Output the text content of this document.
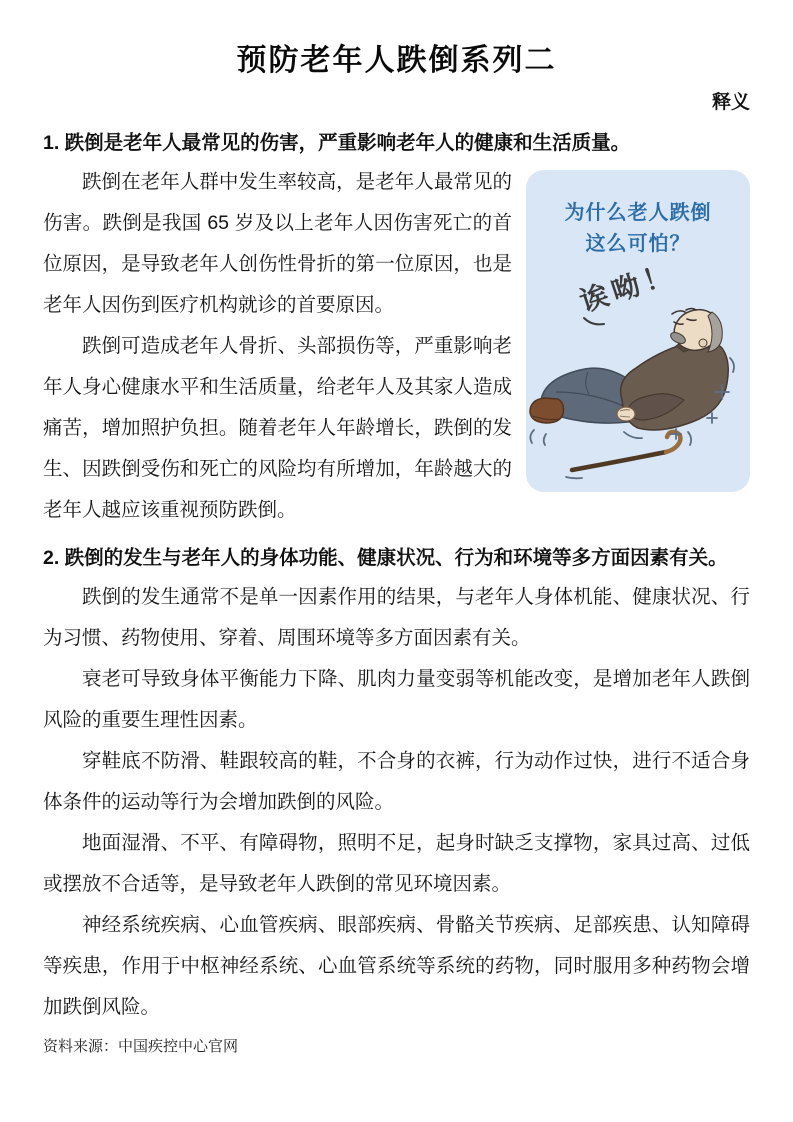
预防老年人跌倒系列二
释义
1. 跌倒是老年人最常见的伤害，严重影响老年人的健康和生活质量。
为什么老人跌倒
这么可怕？
诶呦！

跌倒在老年人群中发生率较高，是老年人最常见的伤害。跌倒是我国 65 岁及以上老年人因伤害死亡的首位原因，是导致老年人创伤性骨折的第一位原因，也是老年人因伤到医疗机构就诊的首要原因。

跌倒可造成老年人骨折、头部损伤等，严重影响老年人身心健康水平和生活质量，给老年人及其家人造成痛苦，增加照护负担。随着老年人年龄增长，跌倒的发生、因跌倒受伤和死亡的风险均有所增加，年龄越大的老年人越应该重视预防跌倒。

2. 跌倒的发生与老年人的身体功能、健康状况、行为和环境等多方面因素有关。

跌倒的发生通常不是单一因素作用的结果，与老年人身体机能、健康状况、行为习惯、药物使用、穿着、周围环境等多方面因素有关。

衰老可导致身体平衡能力下降、肌肉力量变弱等机能改变，是增加老年人跌倒风险的重要生理性因素。

穿鞋底不防滑、鞋跟较高的鞋，不合身的衣裤，行为动作过快，进行不适合身体条件的运动等行为会增加跌倒的风险。

地面湿滑、不平、有障碍物，照明不足，起身时缺乏支撑物，家具过高、过低或摆放不合适等，是导致老年人跌倒的常见环境因素。

神经系统疾病、心血管疾病、眼部疾病、骨骼关节疾病、足部疾患、认知障碍等疾患，作用于中枢神经系统、心血管系统等系统的药物，同时服用多种药物会增加跌倒风险。

资料来源：中国疾控中心官网
